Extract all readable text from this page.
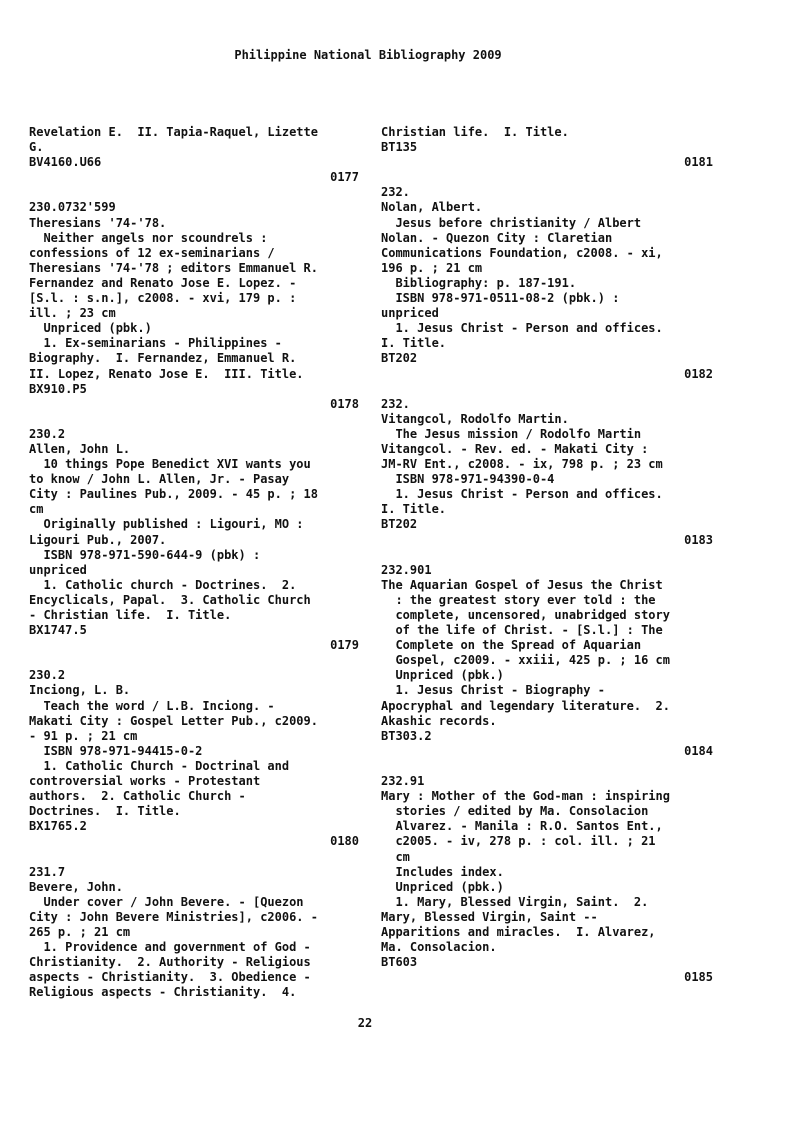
Philippine National Bibliography 2009
Revelation E.  II. Tapia-Raquel, Lizette
G.
BV4160.U66
0177
230.0732'599
Theresians '74-'78.
Neither angels nor scoundrels :
confessions of 12 ex-seminarians /
Theresians '74-'78 ; editors Emmanuel R.
Fernandez and Renato Jose E. Lopez. -
[S.l. : s.n.], c2008. - xvi, 179 p. :
ill. ; 23 cm
Unpriced (pbk.)
1. Ex-seminarians - Philippines -
Biography.  I. Fernandez, Emmanuel R.
II. Lopez, Renato Jose E.  III. Title.
BX910.P5
0178
230.2
Allen, John L.
10 things Pope Benedict XVI wants you
to know / John L. Allen, Jr. - Pasay
City : Paulines Pub., 2009. - 45 p. ; 18
cm
Originally published : Ligouri, MO :
Ligouri Pub., 2007.
ISBN 978-971-590-644-9 (pbk) :
unpriced
1. Catholic church - Doctrines.  2.
Encyclicals, Papal.  3. Catholic Church
- Christian life.  I. Title.
BX1747.5
0179
230.2
Inciong, L. B.
Teach the word / L.B. Inciong. -
Makati City : Gospel Letter Pub., c2009.
- 91 p. ; 21 cm
ISBN 978-971-94415-0-2
1. Catholic Church - Doctrinal and
controversial works - Protestant
authors.  2. Catholic Church -
Doctrines.  I. Title.
BX1765.2
0180
231.7
Bevere, John.
Under cover / John Bevere. - [Quezon
City : John Bevere Ministries], c2006. -
265 p. ; 21 cm
1. Providence and government of God -
Christianity.  2. Authority - Religious
aspects - Christianity.  3. Obedience -
Religious aspects - Christianity.  4.
Christian life.  I. Title.
BT135
0181
232.
Nolan, Albert.
Jesus before christianity / Albert
Nolan. - Quezon City : Claretian
Communications Foundation, c2008. - xi,
196 p. ; 21 cm
Bibliography: p. 187-191.
ISBN 978-971-0511-08-2 (pbk.) :
unpriced
1. Jesus Christ - Person and offices.
I. Title.
BT202
0182
232.
Vitangcol, Rodolfo Martin.
The Jesus mission / Rodolfo Martin
Vitangcol. - Rev. ed. - Makati City :
JM-RV Ent., c2008. - ix, 798 p. ; 23 cm
ISBN 978-971-94390-0-4
1. Jesus Christ - Person and offices.
I. Title.
BT202
0183
232.901
The Aquarian Gospel of Jesus the Christ
: the greatest story ever told : the
complete, uncensored, unabridged story
of the life of Christ. - [S.l.] : The
Complete on the Spread of Aquarian
Gospel, c2009. - xxiii, 425 p. ; 16 cm
Unpriced (pbk.)
1. Jesus Christ - Biography -
Apocryphal and legendary literature.  2.
Akashic records.
BT303.2
0184
232.91
Mary : Mother of the God-man : inspiring
stories / edited by Ma. Consolacion
Alvarez. - Manila : R.O. Santos Ent.,
c2005. - iv, 278 p. : col. ill. ; 21
cm
Includes index.
Unpriced (pbk.)
1. Mary, Blessed Virgin, Saint.  2.
Mary, Blessed Virgin, Saint --
Apparitions and miracles.  I. Alvarez,
Ma. Consolacion.
BT603
0185
22
